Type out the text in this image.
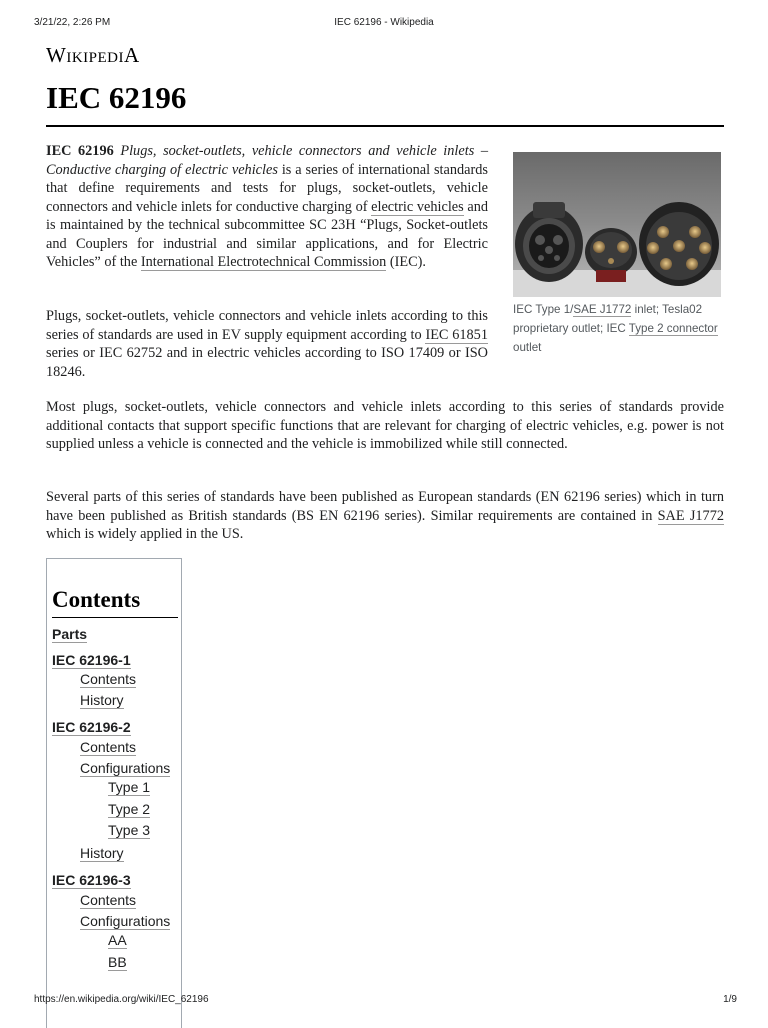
3/21/22, 2:26 PM	IEC 62196 - Wikipedia
WIKIPEDIA
IEC 62196

IEC 62196 Plugs, socket-outlets, vehicle connectors and vehicle inlets – Conductive charging of electric vehicles is a series of international standards that define requirements and tests for plugs, socket-outlets, vehicle connectors and vehicle inlets for conductive charging of electric vehicles and is maintained by the technical subcommittee SC 23H “Plugs, Socket-outlets and Couplers for industrial and similar applications, and for Electric Vehicles” of the International Electrotechnical Commission (IEC).

Plugs, socket-outlets, vehicle connectors and vehicle inlets according to this series of standards are used in EV supply equipment according to IEC 61851 series or IEC 62752 and in electric vehicles according to ISO 17409 or ISO 18246.

Most plugs, socket-outlets, vehicle connectors and vehicle inlets according to this series of standards provide additional contacts that support specific functions that are relevant for charging of electric vehicles, e.g. power is not supplied unless a vehicle is connected and the vehicle is immobilized while still connected.

Several parts of this series of standards have been published as European standards (EN 62196 series) which in turn have been published as British standards (BS EN 62196 series). Similar requirements are contained in SAE J1772 which is widely applied in the US.

IEC Type 1/SAE J1772 inlet; Tesla02 proprietary outlet; IEC Type 2 connector outlet
Contents
Parts
IEC 62196-1
Contents
History
IEC 62196-2
Contents
Configurations
Type 1
Type 2
Type 3
History
IEC 62196-3
Contents
Configurations
AA
BB
https://en.wikipedia.org/wiki/IEC_62196	1/9
